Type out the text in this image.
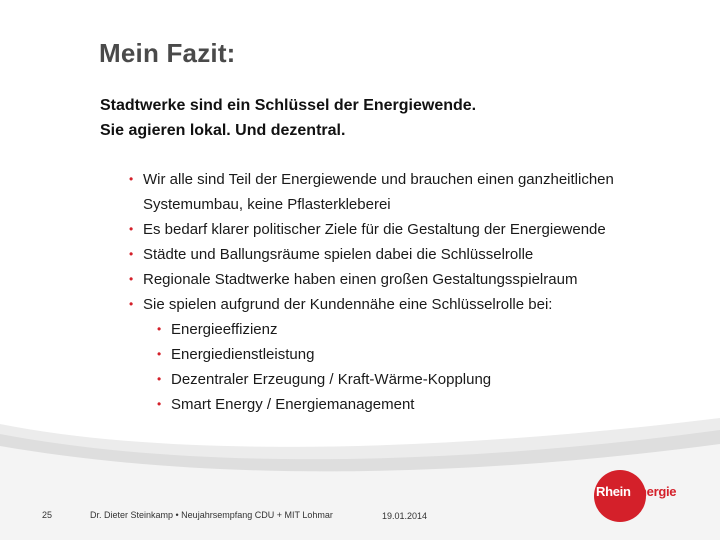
Mein Fazit:
Stadtwerke sind ein Schlüssel der Energiewende.
Sie agieren lokal. Und dezentral.
• Wir alle sind Teil der Energiewende und brauchen einen ganzheitlichen
Systemumbau, keine Pflasterkleberei
• Es bedarf klarer politischer Ziele für die Gestaltung der Energiewende
• Städte und Ballungsräume spielen dabei die Schlüsselrolle
• Regionale Stadtwerke haben einen großen Gestaltungsspielraum
• Sie spielen aufgrund der Kundennähe eine Schlüsselrolle bei:
• Energieeffizienz
• Energiedienstleistung
• Dezentraler Erzeugung / Kraft-Wärme-Kopplung
• Smart Energy / Energiemanagement
25	Dr. Dieter Steinkamp • Neujahrsempfang CDU + MIT Lohmar	19.01.2014
RheinEnergie
